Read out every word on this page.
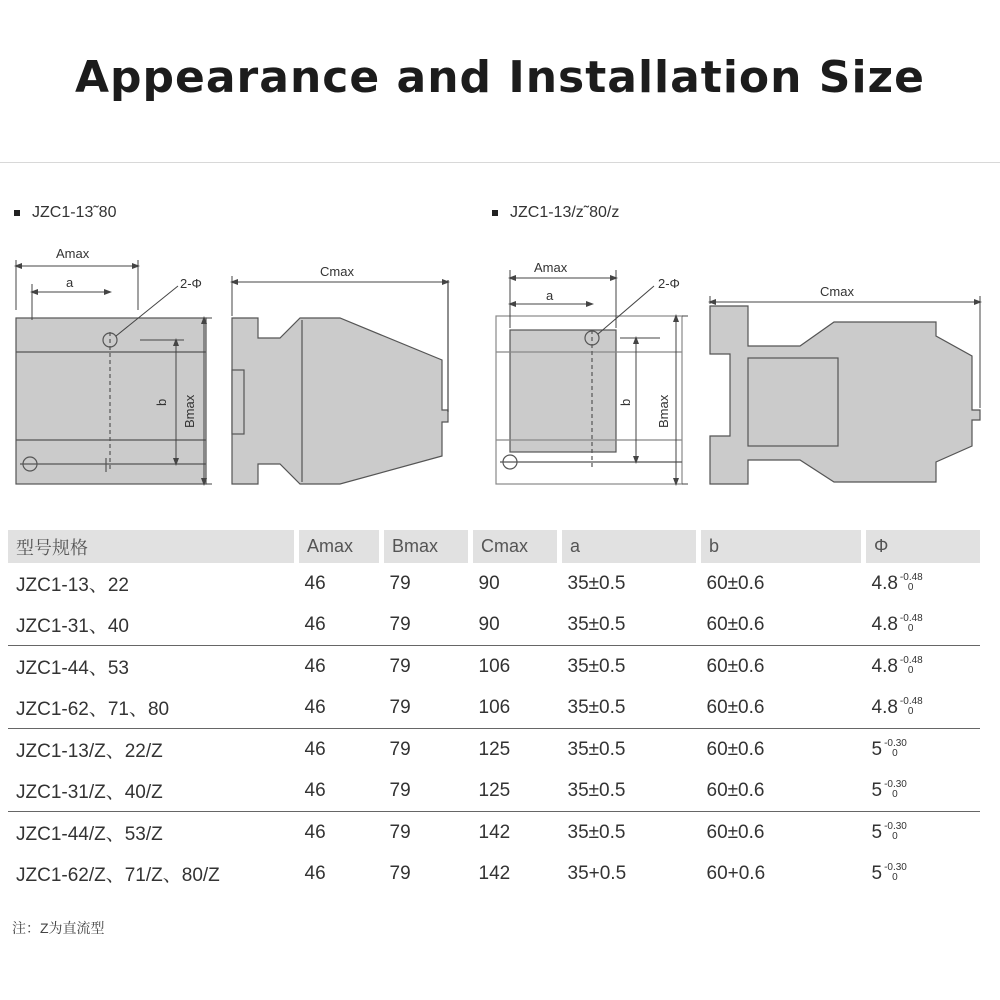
Appearance and Installation Size
JZC1-13˜80	JZC1-13/z˜80/z
Amax
a	2-Φ
b Bmax
Cmax	Amax
a
2-Φ
b Bmax
Cmax
型号规格	Amax	Bmax	Cmax	a	b	Φ
JZC1-13、22	46	79	90	35±0.5	60±0.6	4.8 -0.48
0

JZC1-31、40	46	79	90	35±0.5	60±0.6	4.8 -0.48
0

JZC1-44、53	46	79	106	35±0.5	60±0.6	4.8 -0.48
0

JZC1-62、71、80	46	79	106	35±0.5	60±0.6	4.8 -0.48
0

JZC1-13/Z、22/Z	46	79	125	35±0.5	60±0.6	5 -0.30
0

JZC1-31/Z、40/Z	46	79	125	35±0.5	60±0.6	5 -0.30
0

JZC1-44/Z、53/Z	46	79	142	35±0.5	60±0.6	5 -0.30
0

JZC1-62/Z、71/Z、80/Z	46	79	142	35+0.5	60+0.6	5 -0.30
0
注：Z为直流型
